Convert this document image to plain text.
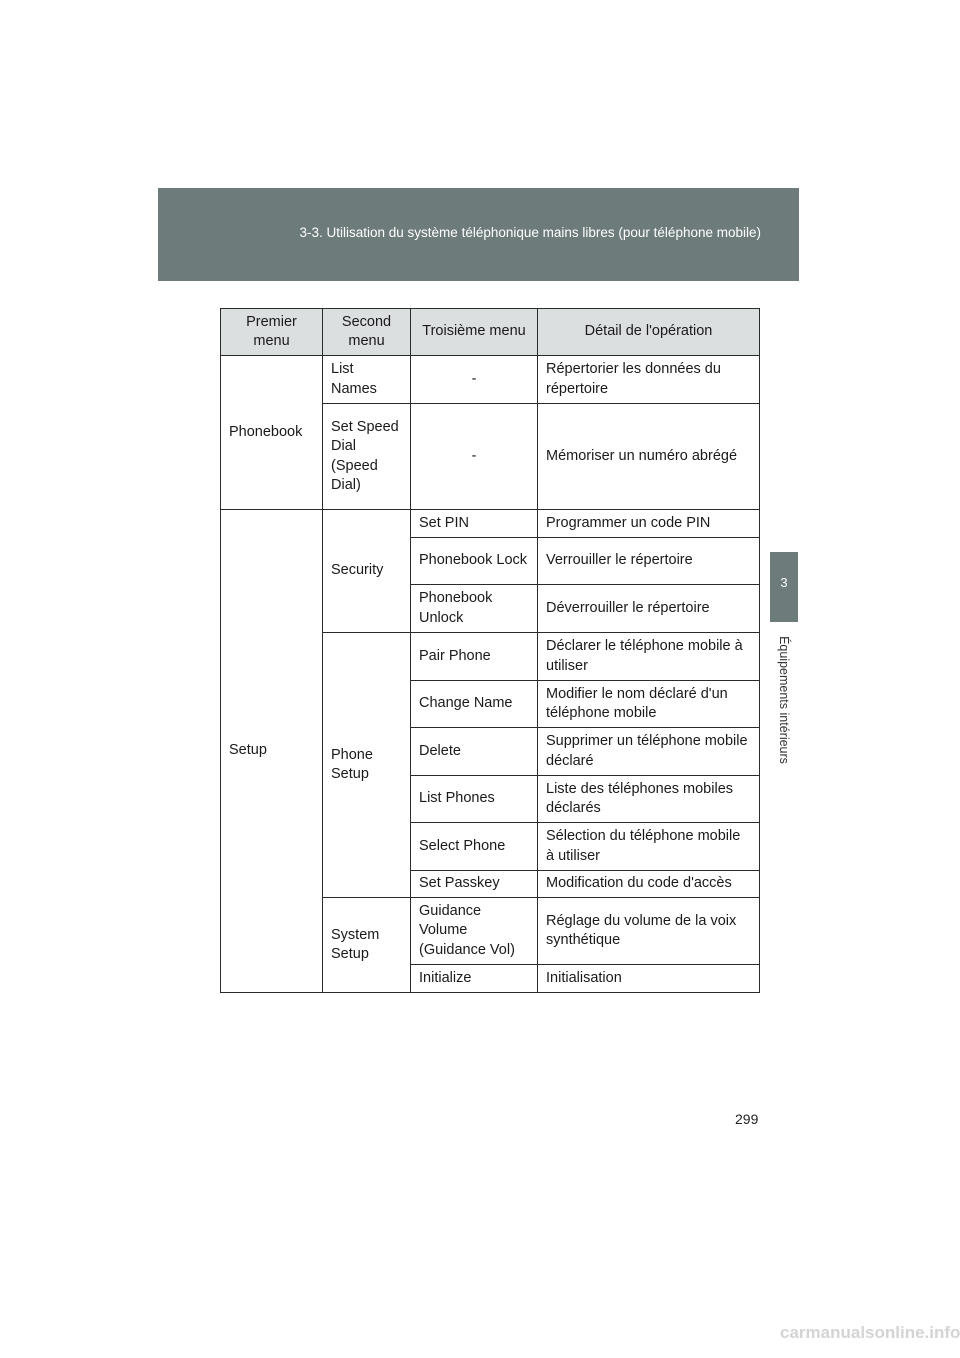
3-3. Utilisation du système téléphonique mains libres (pour téléphone mobile)
3
Équipements intérieurs
Premier menu	Second menu	Troisième menu	Détail de l'opération
Phonebook	List Names	-	Répertorier les données du répertoire
	Set Speed Dial (Speed Dial)	-	Mémoriser un numéro abrégé
Setup	Security	Set PIN	Programmer un code PIN
		Phonebook Lock	Verrouiller le répertoire
		Phonebook Unlock	Déverrouiller le répertoire
	Phone Setup	Pair Phone	Déclarer le téléphone mobile à utiliser
		Change Name	Modifier le nom déclaré d'un téléphone mobile
		Delete	Supprimer un téléphone mobile déclaré
		List Phones	Liste des téléphones mobiles déclarés
		Select Phone	Sélection du téléphone mobile à utiliser
		Set Passkey	Modification du code d'accès
	System Setup	Guidance Volume (Guidance Vol)	Réglage du volume de la voix synthétique
		Initialize	Initialisation
299
carmanualsonline.info
